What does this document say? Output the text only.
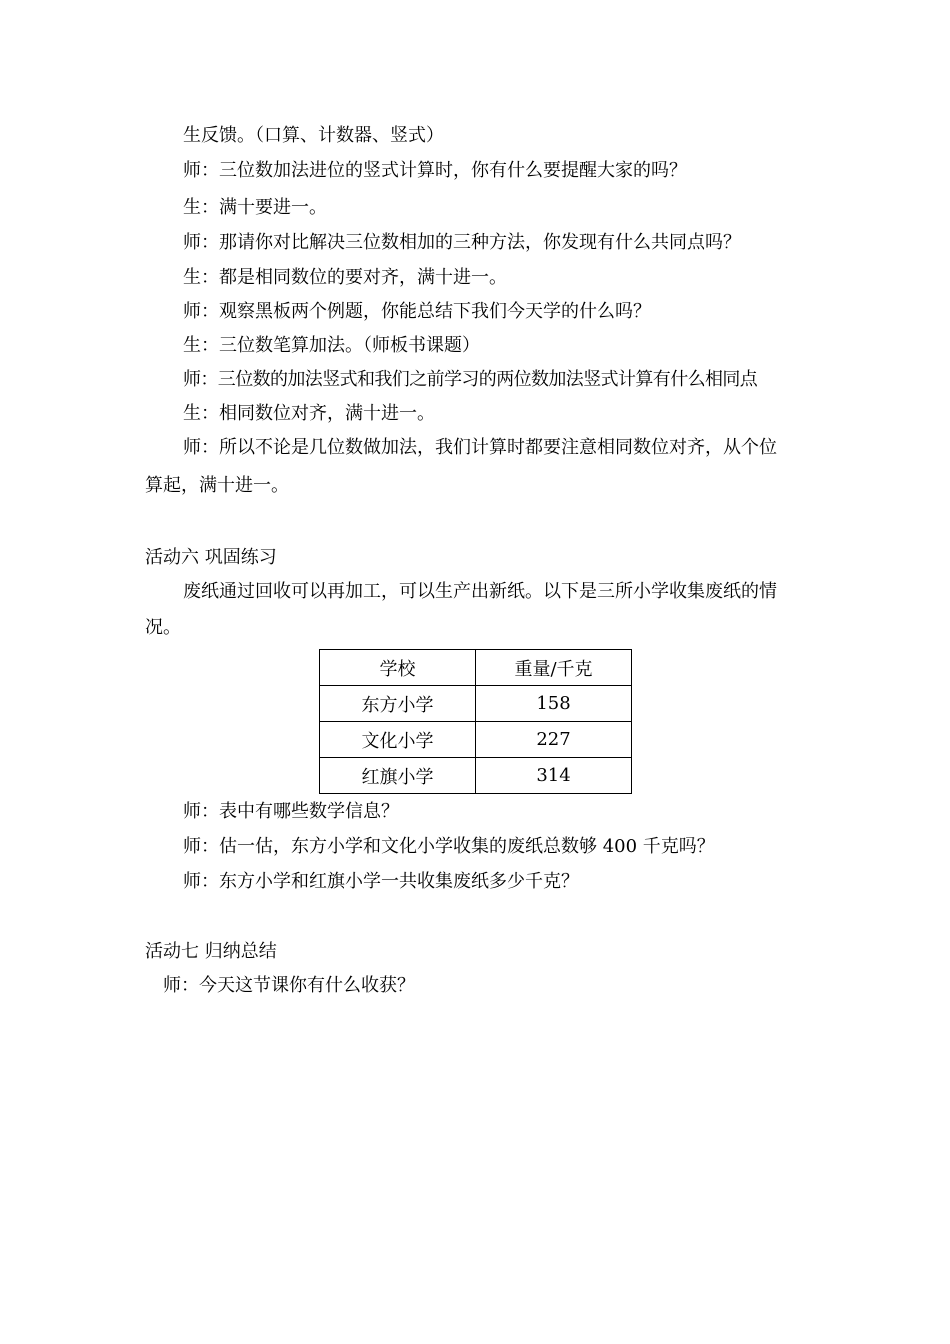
生反馈。（口算、计数器、竖式）
师：三位数加法进位的竖式计算时，你有什么要提醒大家的吗？
生：满十要进一。
师：那请你对比解决三位数相加的三种方法，你发现有什么共同点吗？
生：都是相同数位的要对齐，满十进一。
师：观察黑板两个例题，你能总结下我们今天学的什么吗？
生：三位数笔算加法。（师板书课题）
师：三位数的加法竖式和我们之前学习的两位数加法竖式计算有什么相同点
生：相同数位对齐，满十进一。
师：所以不论是几位数做加法，我们计算时都要注意相同数位对齐，从个位
算起，满十进一。
活动六 巩固练习
废纸通过回收可以再加工，可以生产出新纸。以下是三所小学收集废纸的情
况。
学校	重量/千克
东方小学	158
文化小学	227
红旗小学	314
师：表中有哪些数学信息？
师：估一估，东方小学和文化小学收集的废纸总数够 400 千克吗？
师：东方小学和红旗小学一共收集废纸多少千克？
活动七 归纳总结
师：今天这节课你有什么收获？
